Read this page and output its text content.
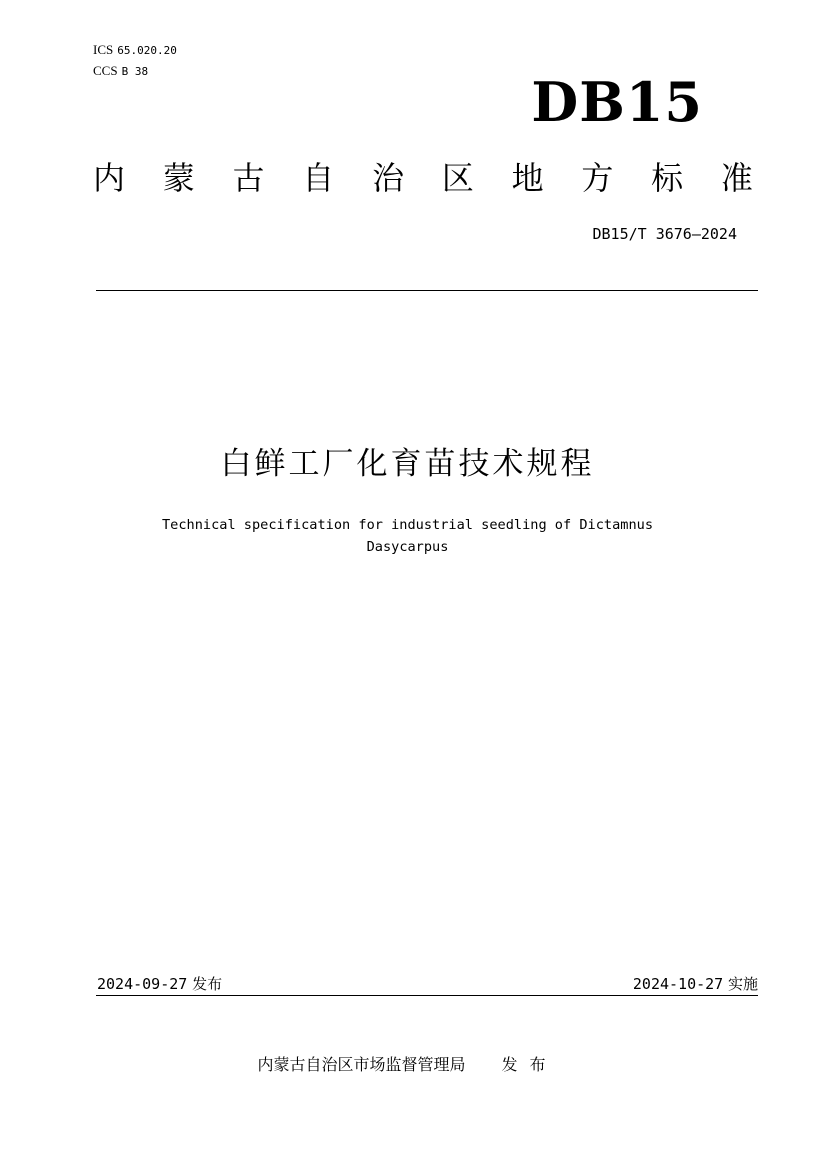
ICS 65.020.20
CCS B 38	DB15
内 蒙 古 自 治 区 地 方 标 准
DB15/T 3676—2024
白鲜工厂化育苗技术规程
Technical specification for industrial seedling of Dictamnus
Dasycarpus
2024-09-27 发布	2024-10-27 实施
内蒙古自治区市场监督管理局 发布
